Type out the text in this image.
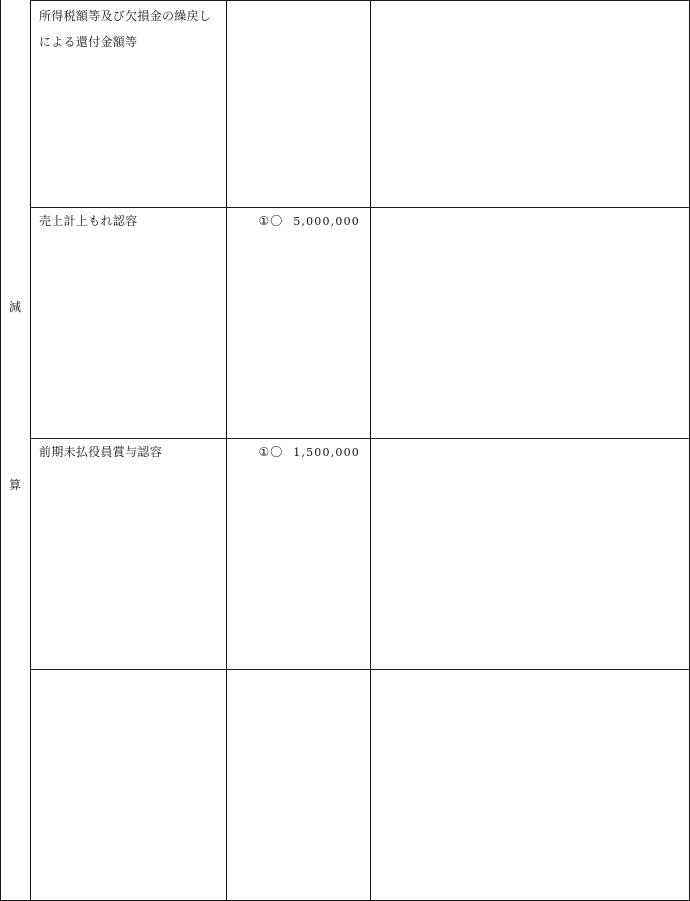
減
算
所得税額等及び欠損金の繰戻しによる還付金額等
売上計上もれ認容	①〇 5,000,000
前期未払役員賞与認容	①〇 1,500,000
